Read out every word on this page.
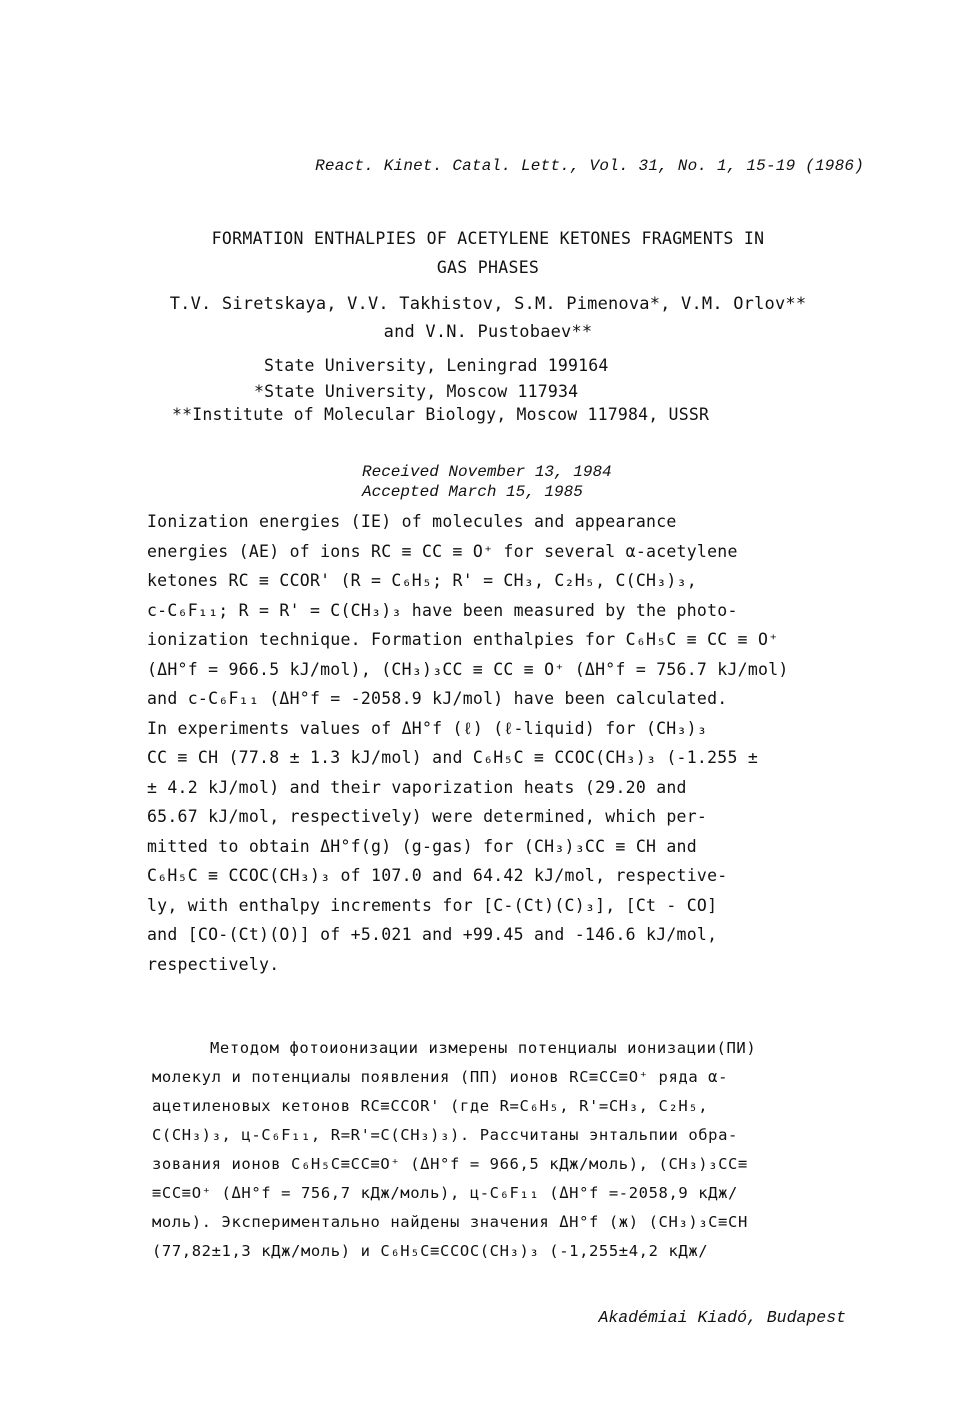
React. Kinet. Catal. Lett., Vol. 31, No. 1, 15-19 (1986)
FORMATION ENTHALPIES OF ACETYLENE KETONES FRAGMENTS IN
GAS PHASES
T.V. Siretskaya, V.V. Takhistov, S.M. Pimenova*, V.M. Orlov**
and V.N. Pustobaev**
State University, Leningrad 199164
*State University, Moscow 117934
**Institute of Molecular Biology, Moscow 117984, USSR
Received November 13, 1984
Accepted March 15, 1985
Ionization energies (IE) of molecules and appearance
energies (AE) of ions RC ≡ CC ≡ O⁺ for several α-acetylene
ketones RC ≡ CCOR' (R = C₆H₅; R' = CH₃, C₂H₅, C(CH₃)₃,
c-C₆F₁₁; R = R' = C(CH₃)₃ have been measured by the photo-
ionization technique. Formation enthalpies for C₆H₅C ≡ CC ≡ O⁺
(ΔH°f = 966.5 kJ/mol), (CH₃)₃CC ≡ CC ≡ O⁺ (ΔH°f = 756.7 kJ/mol)
and c-C₆F₁₁ (ΔH°f = -2058.9 kJ/mol) have been calculated.
In experiments values of ΔH°f (ℓ) (ℓ-liquid) for (CH₃)₃
CC ≡ CH (77.8 ± 1.3 kJ/mol) and C₆H₅C ≡ CCOC(CH₃)₃ (-1.255 ±
± 4.2 kJ/mol) and their vaporization heats (29.20 and
65.67 kJ/mol, respectively) were determined, which per-
mitted to obtain ΔH°f(g) (g-gas) for (CH₃)₃CC ≡ CH and
C₆H₅C ≡ CCOC(CH₃)₃ of 107.0 and 64.42 kJ/mol, respective-
ly, with enthalpy increments for [C-(Ct)(C)₃], [Ct - CO]
and [CO-(Ct)(O)] of +5.021 and +99.45 and -146.6 kJ/mol,
respectively.
Методом фотоионизации измерены потенциалы ионизации(ПИ)
молекул и потенциалы появления (ПП) ионов RC≡CC≡O⁺ ряда α-
ацетиленовых кетонов RC≡CCOR' (где R=C₆H₅, R'=CH₃, C₂H₅,
C(CH₃)₃, ц-C₆F₁₁, R=R'=C(CH₃)₃). Рассчитаны энтальпии обра-
зования ионов C₆H₅C≡CC≡O⁺ (ΔH°f = 966,5 кДж/моль), (CH₃)₃CC≡
≡CC≡O⁺ (ΔH°f = 756,7 кДж/моль), ц-C₆F₁₁ (ΔH°f =-2058,9 кДж/
моль). Экспериментально найдены значения ΔH°f (ж) (CH₃)₃C≡CH
(77,82±1,3 кДж/моль) и C₆H₅C≡CCOC(CH₃)₃ (-1,255±4,2 кДж/
Akadémiai Kiadó, Budapest
